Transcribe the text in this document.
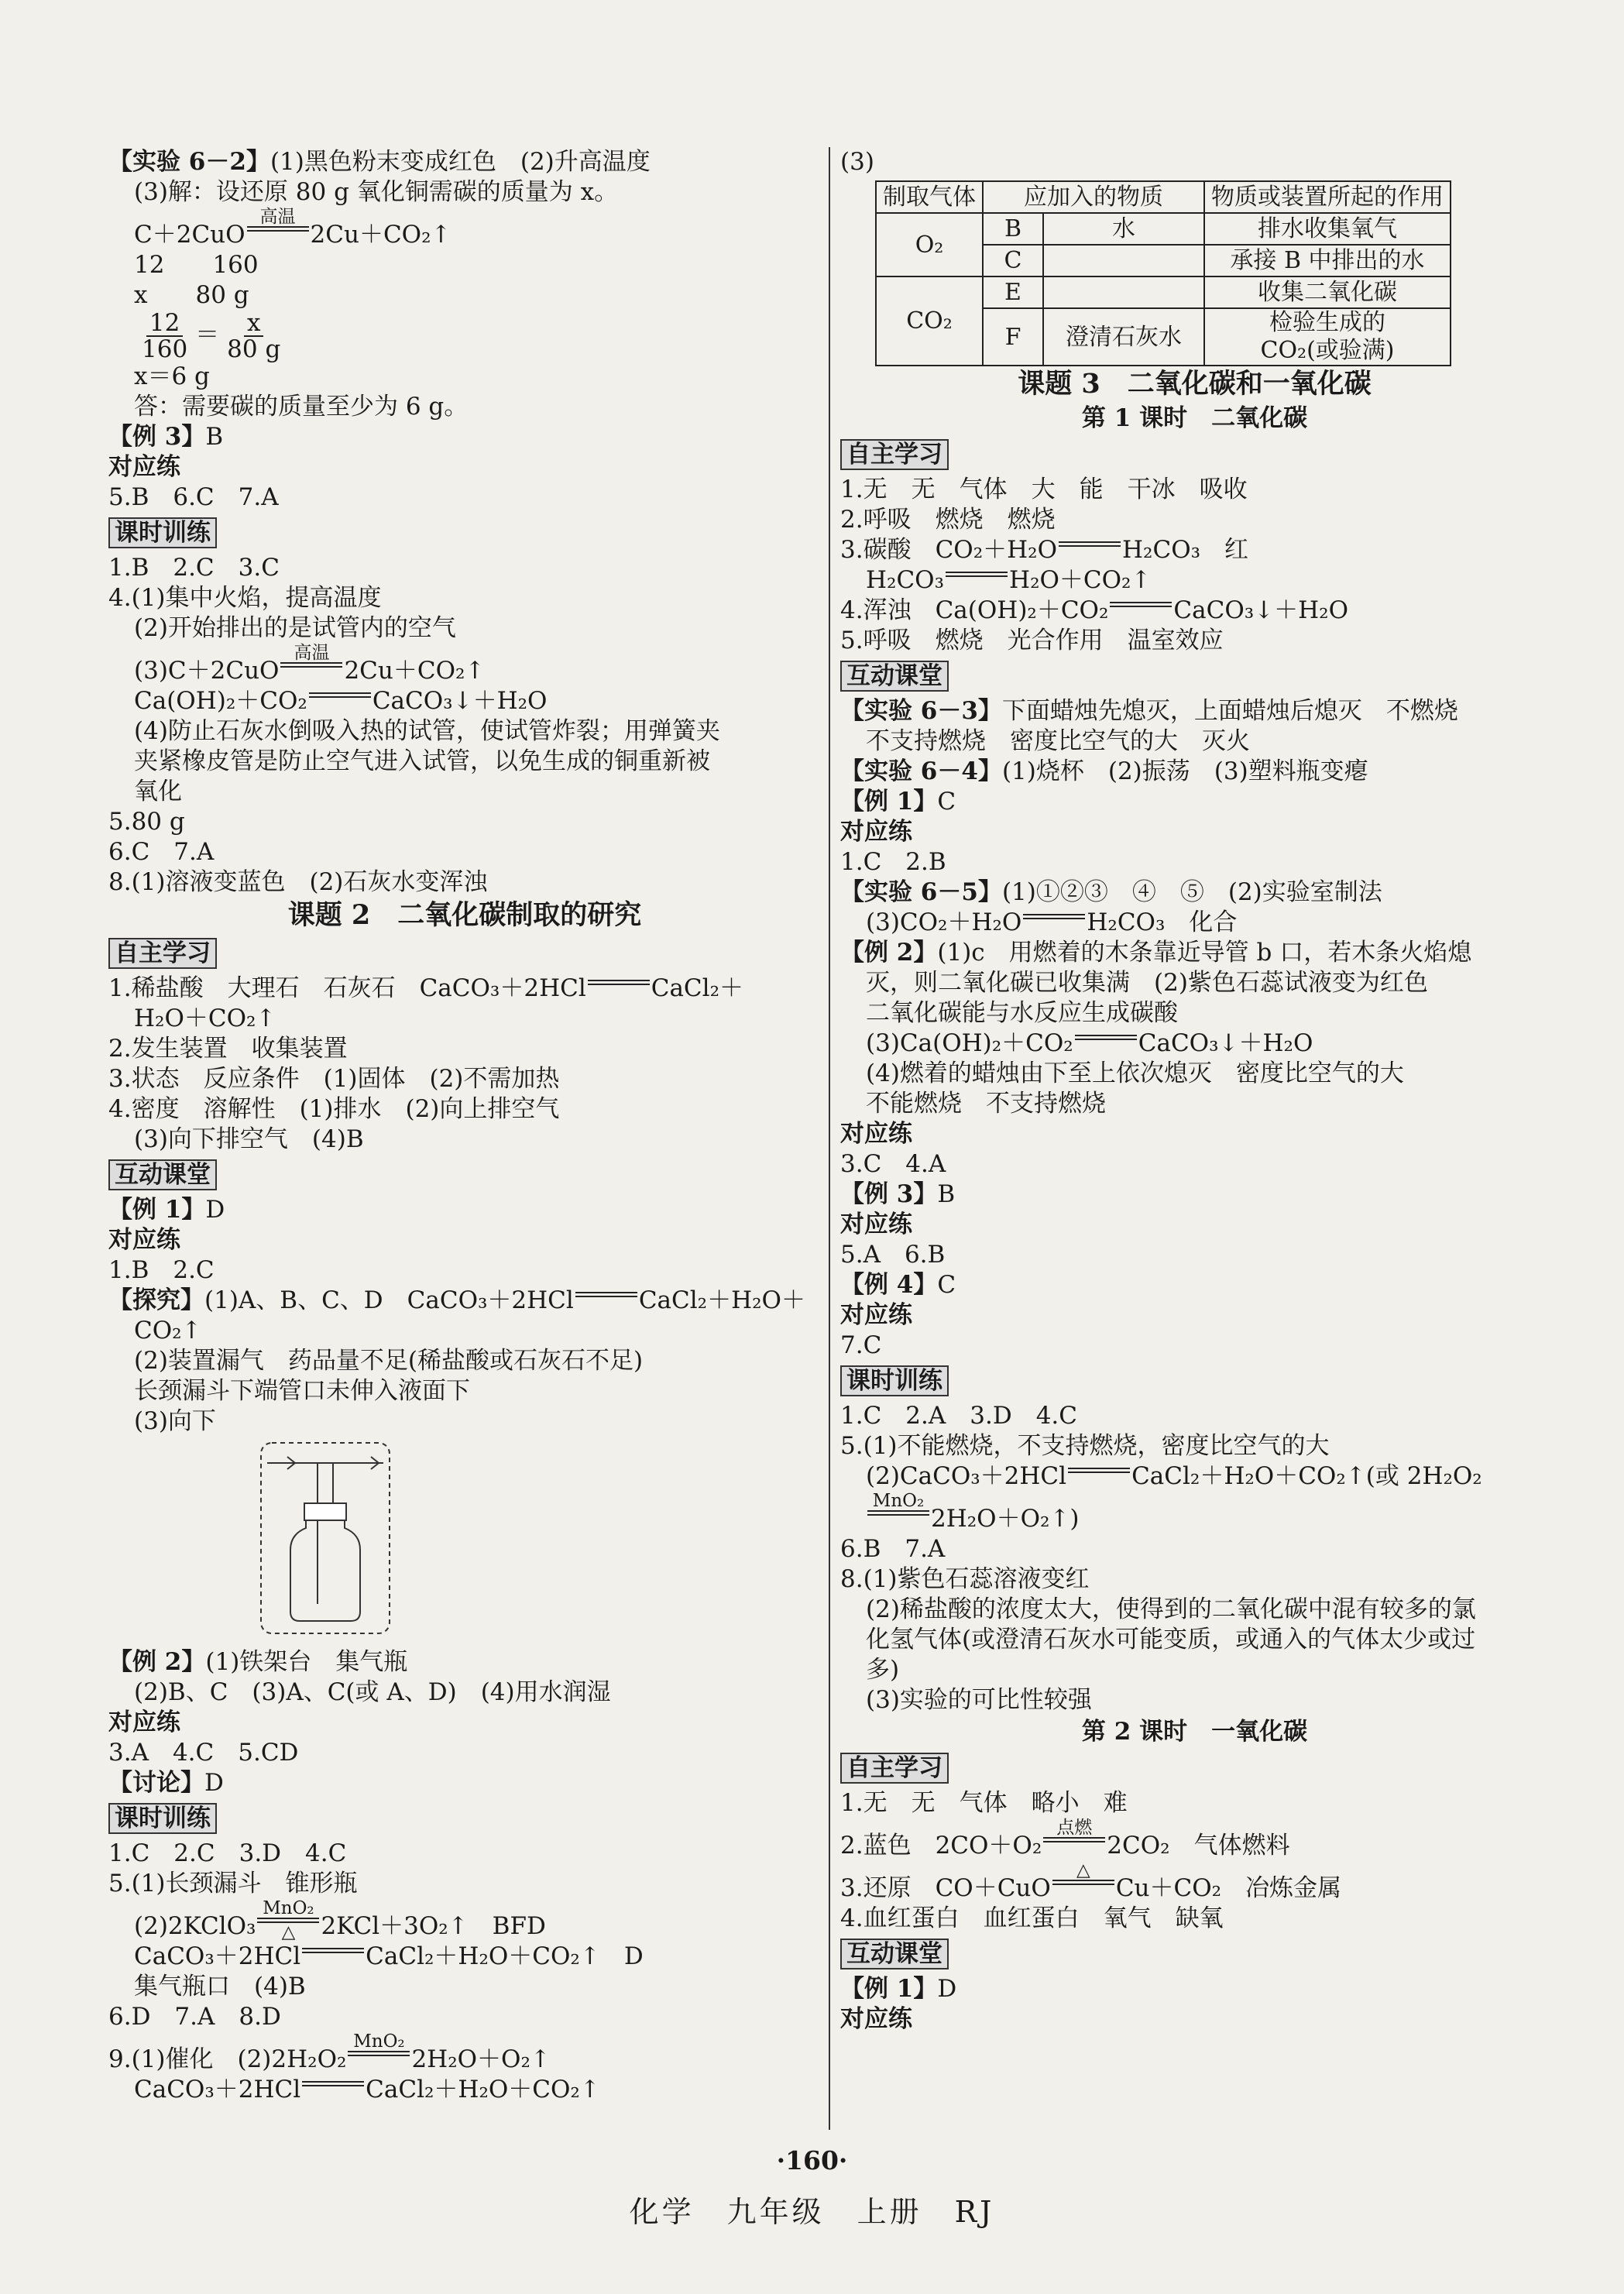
【实验 6－2】(1)黑色粉末变成红色　(2)升高温度
(3)解：设还原 80 g 氧化铜需碳的质量为 x。
C＋2CuO
高温
2Cu＋CO₂↑
12　　160
x　　80 g
$\frac{12}{160} = \frac{x}{80 g}$
x＝6 g
答：需要碳的质量至少为 6 g。
【例 3】B
对应练
5.B　6.C　7.A
课时训练
1.B　2.C　3.C
4.(1)集中火焰，提高温度
(2)开始排出的是试管内的空气
(3)C＋2CuO
高温
2Cu＋CO₂↑
Ca(OH)₂＋CO₂	CaCO₃↓＋H₂O
(4)防止石灰水倒吸入热的试管，使试管炸裂；用弹簧夹
夹紧橡皮管是防止空气进入试管，以免生成的铜重新被
氧化
5.80 g
6.C　7.A
8.(1)溶液变蓝色　(2)石灰水变浑浊
课题 2　二氧化碳制取的研究
自主学习
1.稀盐酸　大理石　石灰石　 CaCO₃＋2HCl	CaCl₂＋
H₂O＋CO₂↑
2.发生装置　收集装置
3.状态　反应条件　(1)固体　(2)不需加热
4.密度　溶解性　(1)排水　(2)向上排空气
(3)向下排空气　(4)B
互动课堂
【例 1】D
对应练
1.B　2.C
【探究】 (1)A、B、C、D　 CaCO₃＋2HCl	CaCl₂＋H₂O＋
CO₂↑
(2)装置漏气　药品量不足(稀盐酸或石灰石不足)
长颈漏斗下端管口未伸入液面下
(3)向下
【例 2】(1)铁架台　集气瓶
(2)B、C　(3)A、C(或 A、D)　(4)用水润湿
对应练
3.A　4.C　5.CD
【讨论】D
课时训练
1.C　2.C　3.D　4.C
5.(1)长颈漏斗　锥形瓶
(2)2KClO₃
MnO₂
△ 2KCl＋3O₂↑　BFD
CaCO₃＋2HCl	CaCl₂＋H₂O＋CO₂↑　D
集气瓶口　(4)B
6.D　7.A　8.D
9.(1)催化　(2)2H₂O₂
MnO₂
2H₂O＋O₂↑
CaCO₃＋2HCl	CaCl₂＋H₂O＋CO₂↑
(3)
制取气体	应加入的物质		物质或装置所起的作用
O₂	B	水	排水收集氧气
	C		承接 B 中排出的水
CO₂	E		收集二氧化碳
	F	澄清石灰水	检验生成的
CO₂(或验满)
课题 3　二氧化碳和一氧化碳
第 1 课时　二氧化碳
自主学习
1.无　无　气体　大　能　干冰　吸收
2.呼吸　燃烧　燃烧
3.碳酸　CO₂＋H₂O	H₂CO₃　红
H₂CO₃	H₂O＋CO₂↑
4.浑浊　Ca(OH)₂＋CO₂	CaCO₃↓＋H₂O
5.呼吸　燃烧　光合作用　温室效应
互动课堂
【实验 6－3】下面蜡烛先熄灭，上面蜡烛后熄灭　不燃烧
不支持燃烧　密度比空气的大　灭火
【实验 6－4】(1)烧杯　(2)振荡　(3)塑料瓶变瘪
【例 1】C
对应练
1.C　2.B
【实验 6－5】(1)①②③　④　⑤　(2)实验室制法
(3)CO₂＋H₂O	H₂CO₃　化合
【例 2】(1)c　用燃着的木条靠近导管 b 口，若木条火焰熄
灭，则二氧化碳已收集满　(2)紫色石蕊试液变为红色
二氧化碳能与水反应生成碳酸
(3)Ca(OH)₂＋CO₂	CaCO₃↓＋H₂O
(4)燃着的蜡烛由下至上依次熄灭　密度比空气的大
不能燃烧　不支持燃烧
对应练
3.C　4.A
【例 3】B
对应练
5.A　6.B
【例 4】C
对应练
7.C
课时训练
1.C　2.A　3.D　4.C
5.(1)不能燃烧，不支持燃烧，密度比空气的大
(2)CaCO₃＋2HCl	CaCl₂＋H₂O＋CO₂↑(或 2H₂O₂
MnO₂
2H₂O＋O₂↑)
6.B　7.A
8.(1)紫色石蕊溶液变红
(2)稀盐酸的浓度太大，使得到的二氧化碳中混有较多的氯
化氢气体(或澄清石灰水可能变质，或通入的气体太少或过
多)
(3)实验的可比性较强
第 2 课时　一氧化碳
自主学习
1.无　无　气体　略小　难
2.蓝色　2CO＋O₂
点燃
2CO₂　气体燃料
3.还原　CO＋CuO
△
Cu＋CO₂　冶炼金属
4.血红蛋白　血红蛋白　氧气　缺氧
互动课堂
【例 1】D
对应练
·160·
化学　九年级　上册　RJ
